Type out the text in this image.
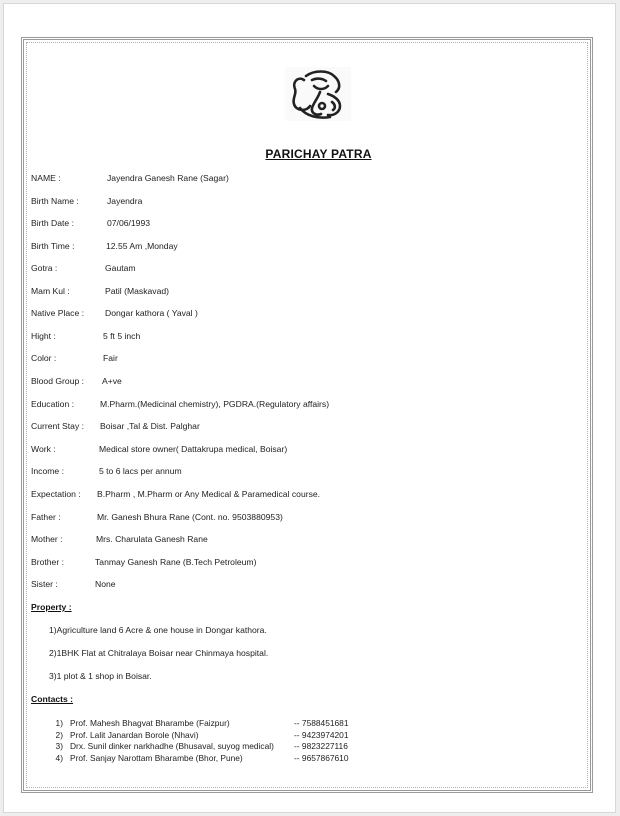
PARICHAY PATRA
NAME :	Jayendra Ganesh Rane (Sagar)
Birth Name :	Jayendra
Birth Date :	07/06/1993
Birth Time :	12.55 Am ,Monday
Gotra :	Gautam
Mam Kul :	Patil (Maskavad)
Native Place : Dongar kathora ( Yaval )
Hight :	5 ft 5 inch
Color :	Fair
Blood Group : A+ve
Education :	M.Pharm.(Medicinal chemistry), PGDRA.(Regulatory affairs)
Current Stay : Boisar ,Tal & Dist. Palghar
Work :	Medical store owner( Dattakrupa medical, Boisar)
Income :	5 to 6 lacs per annum
Expectation : B.Pharm , M.Pharm or Any Medical & Paramedical course.
Father :	Mr. Ganesh Bhura Rane (Cont. no. 9503880953)
Mother :	Mrs. Charulata Ganesh Rane
Brother :	Tanmay Ganesh Rane (B.Tech Petroleum)
Sister :	None
Property :
1)Agriculture land 6 Acre & one house in Dongar kathora.
2)1BHK Flat at Chitralaya Boisar near Chinmaya hospital.
3)1 plot & 1 shop in Boisar.
Contacts :
1) Prof. Mahesh Bhagvat Bharambe (Faizpur)	-- 7588451681
2) Prof. Lalit Janardan Borole (Nhavi)	-- 9423974201
3) Drx. Sunil dinker narkhadhe (Bhusaval, suyog medical) -- 9823227116
4) Prof. Sanjay Narottam Bharambe (Bhor, Pune)	-- 9657867610
